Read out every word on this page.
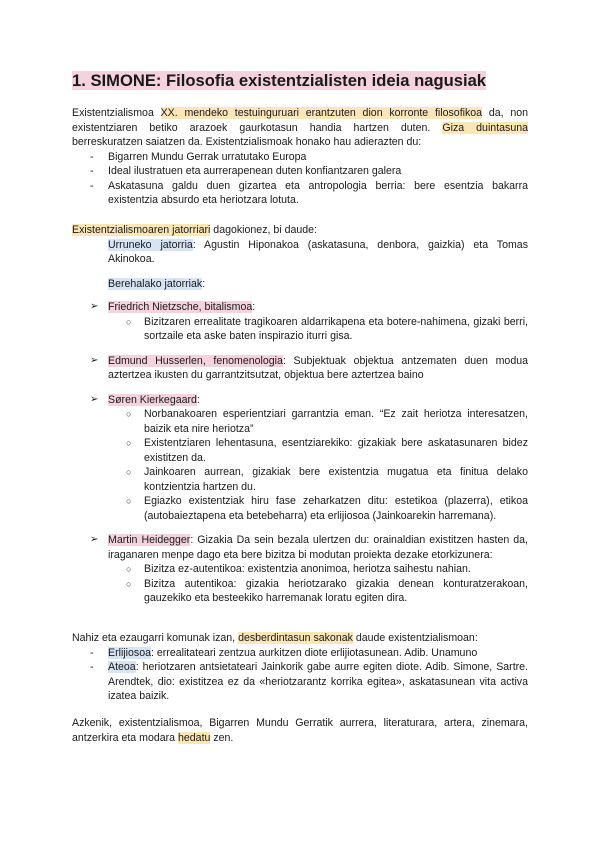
1. SIMONE: Filosofia existentzialisten ideia nagusiak

Existentzialismoa XX. mendeko testuinguruari erantzuten dion korronte filosofikoa da, non existentziaren betiko arazoek gaurkotasun handia hartzen duten. Giza duintasuna berreskuratzen saiatzen da. Existentzialismoak honako hau adierazten du:

- Bigarren Mundu Gerrak urratutako Europa
- Ideal ilustratuen eta aurrerapenean duten konfiantzaren galera
- Askatasuna galdu duen gizartea eta antropologia berria: bere esentzia bakarra existentzia absurdo eta heriotzara lotuta.

Existentzialismoaren jatorriari dagokionez, bi daude:

Urruneko jatorria: Agustin Hiponakoa (askatasuna, denbora, gaizkia) eta Tomas Akinokoa.

Berehalako jatorriak:

➢ Friedrich Nietzsche, bitalismoa:
○ Bizitzaren errealitate tragikoaren aldarrikapena eta botere-nahimena, gizaki berri, sortzaile eta aske baten inspirazio iturri gisa.
➢ Edmund Husserlen, fenomenologia: Subjektuak objektua antzematen duen modua aztertzea ikusten du garrantzitsutzat, objektua bere aztertzea baino
➢ Søren Kierkegaard:
○ Norbanakoaren esperientziari garrantzia eman. “Ez zait heriotza interesatzen, baizik eta nire heriotza”
○ Existentziaren lehentasuna, esentziarekiko: gizakiak bere askatasunaren bidez existitzen da.
○ Jainkoaren aurrean, gizakiak bere existentzia mugatua eta finitua delako kontzientzia hartzen du.
○ Egiazko existentziak hiru fase zeharkatzen ditu: estetikoa (plazerra), etikoa (autobaieztapena eta betebeharra) eta erlijiosoa (Jainkoarekin harremana).
➢ Martin Heidegger: Gizakia Da sein bezala ulertzen du: orainaldian existitzen hasten da, iraganaren menpe dago eta bere bizitza bi modutan proiekta dezake etorkizunera:
○ Bizitza ez-autentikoa: existentzia anonimoa, heriotza saihestu nahian.
○ Bizitza autentikoa: gizakia heriotzarako gizakia denean konturatzerakoan, gauzekiko eta besteekiko harremanak loratu egiten dira.

Nahiz eta ezaugarri komunak izan, desberdintasun sakonak daude existentzialismoan:

- Erlijiosoa: errealitateari zentzua aurkitzen diote erlijiotasunean. Adib. Unamuno
- Ateoa: heriotzaren antsietateari Jainkorik gabe aurre egiten diote. Adib. Simone, Sartre. Arendtek, dio: existitzea ez da «heriotzarantz korrika egitea», askatasunean vita activa izatea baizik.

Azkenik, existentzialismoa, Bigarren Mundu Gerratik aurrera, literaturara, artera, zinemara, antzerkira eta modara hedatu zen.
